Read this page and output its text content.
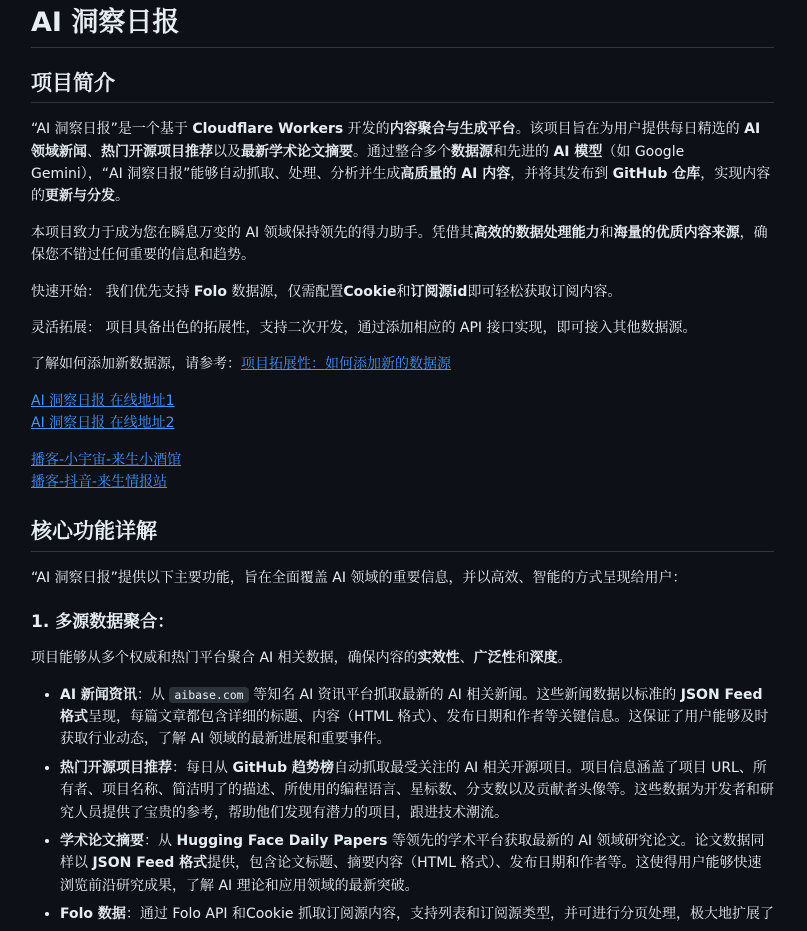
AI 洞察日报
项目简介

“AI 洞察日报”是一个基于 Cloudflare Workers 开发的内容聚合与生成平台。该项目旨在为用户提供每日精选的 AI 领域新闻、热门开源项目推荐以及最新学术论文摘要。通过整合多个数据源和先进的 AI 模型（如 Google Gemini），“AI 洞察日报”能够自动抓取、处理、分析并生成高质量的 AI 内容，并将其发布到 GitHub 仓库，实现内容的更新与分发。

本项目致力于成为您在瞬息万变的 AI 领域保持领先的得力助手。凭借其高效的数据处理能力和海量的优质内容来源，确保您不错过任何重要的信息和趋势。

快速开始： 我们优先支持 Folo 数据源，仅需配置Cookie和订阅源id即可轻松获取订阅内容。

灵活拓展： 项目具备出色的拓展性，支持二次开发，通过添加相应的 API 接口实现，即可接入其他数据源。

了解如何添加新数据源，请参考：项目拓展性：如何添加新的数据源

AI 洞察日报 在线地址1
AI 洞察日报 在线地址2

播客-小宇宙-来生小酒馆
播客-抖音-来生情报站

核心功能详解

“AI 洞察日报”提供以下主要功能，旨在全面覆盖 AI 领域的重要信息，并以高效、智能的方式呈现给用户：

1. 多源数据聚合：

项目能够从多个权威和热门平台聚合 AI 相关数据，确保内容的实效性、广泛性和深度。

• AI 新闻资讯：从 aibase.com 等知名 AI 资讯平台抓取最新的 AI 相关新闻。这些新闻数据以标准的 JSON Feed 格式呈现，每篇文章都包含详细的标题、内容（HTML 格式）、发布日期和作者等关键信息。这保证了用户能够及时获取行业动态，了解 AI 领域的最新进展和重要事件。
• 热门开源项目推荐：每日从 GitHub 趋势榜自动抓取最受关注的 AI 相关开源项目。项目信息涵盖了项目 URL、所有者、项目名称、简洁明了的描述、所使用的编程语言、星标数、分支数以及贡献者头像等。这些数据为开发者和研究人员提供了宝贵的参考，帮助他们发现有潜力的项目，跟进技术潮流。
• 学术论文摘要：从 Hugging Face Daily Papers 等领先的学术平台获取最新的 AI 领域研究论文。论文数据同样以 JSON Feed 格式提供，包含论文标题、摘要内容（HTML 格式）、发布日期和作者等。这使得用户能够快速浏览前沿研究成果，了解 AI 理论和应用领域的最新突破。
• Folo 数据：通过 Folo API 和Cookie 抓取订阅源内容，支持列表和订阅源类型，并可进行分页处理，极大地扩展了
